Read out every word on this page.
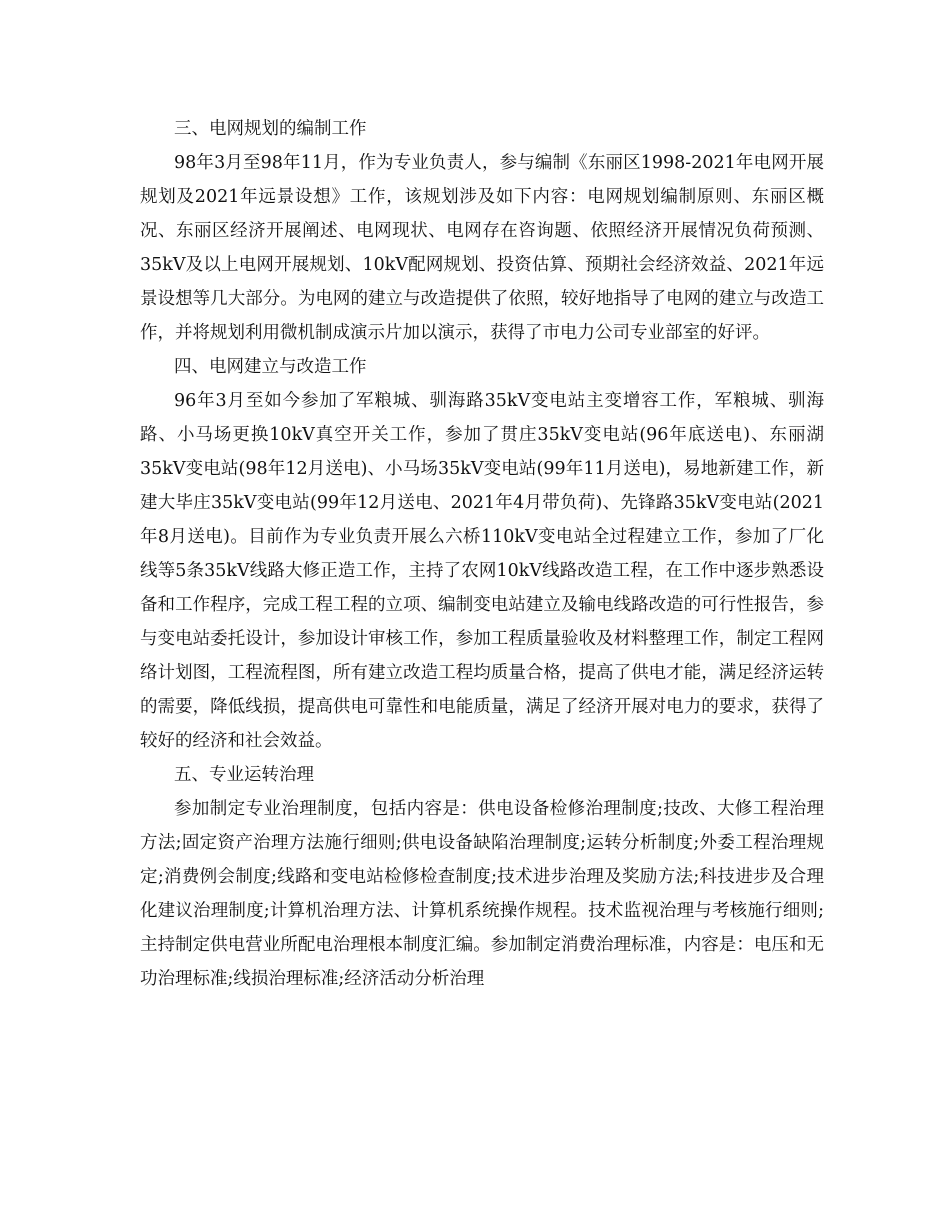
三、电网规划的编制工作

98年3月至98年11月，作为专业负责人，参与编制《东丽区1998-2021年电网开展规划及2021年远景设想》工作，该规划涉及如下内容：电网规划编制原则、东丽区概况、东丽区经济开展阐述、电网现状、电网存在咨询题、依照经济开展情况负荷预测、35kV及以上电网开展规划、10kV配网规划、投资估算、预期社会经济效益、2021年远景设想等几大部分。为电网的建立与改造提供了依照，较好地指导了电网的建立与改造工作，并将规划利用微机制成演示片加以演示，获得了市电力公司专业部室的好评。

四、电网建立与改造工作

96年3月至如今参加了军粮城、驯海路35kV变电站主变增容工作，军粮城、驯海路、小马场更换10kV真空开关工作，参加了贯庄35kV变电站(96年底送电)、东丽湖35kV变电站(98年12月送电)、小马场35kV变电站(99年11月送电)，易地新建工作，新建大毕庄35kV变电站(99年12月送电、2021年4月带负荷)、先锋路35kV变电站(2021年8月送电)。目前作为专业负责开展么六桥110kV变电站全过程建立工作，参加了厂化线等5条35kV线路大修正造工作，主持了农网10kV线路改造工程，在工作中逐步熟悉设备和工作程序，完成工程工程的立项、编制变电站建立及输电线路改造的可行性报告，参与变电站委托设计，参加设计审核工作，参加工程质量验收及材料整理工作，制定工程网络计划图，工程流程图，所有建立改造工程均质量合格，提高了供电才能，满足经济运转的需要，降低线损，提高供电可靠性和电能质量，满足了经济开展对电力的要求，获得了较好的经济和社会效益。

五、专业运转治理

参加制定专业治理制度，包括内容是：供电设备检修治理制度;技改、大修工程治理方法;固定资产治理方法施行细则;供电设备缺陷治理制度;运转分析制度;外委工程治理规定;消费例会制度;线路和变电站检修检查制度;技术进步治理及奖励方法;科技进步及合理化建议治理制度;计算机治理方法、计算机系统操作规程。技术监视治理与考核施行细则;主持制定供电营业所配电治理根本制度汇编。参加制定消费治理标准，内容是：电压和无功治理标准;线损治理标准;经济活动分析治理
